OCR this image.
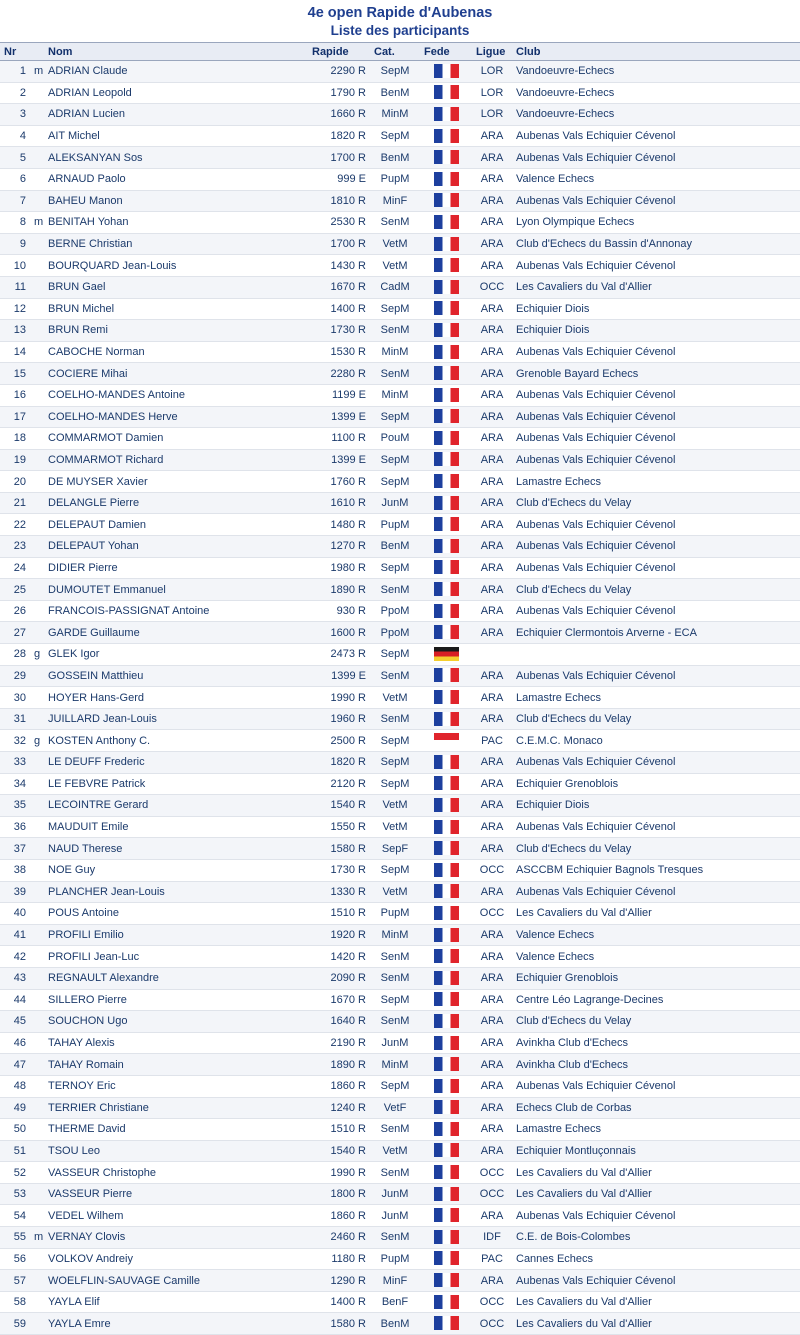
4e open Rapide d'Aubenas
Liste des participants
Nr		Nom	Rapide	Cat.	Fede	Ligue	Club
1	m	ADRIAN Claude	2290 R	SepM		LOR	Vandoeuvre-Echecs
2		ADRIAN Leopold	1790 R	BenM		LOR	Vandoeuvre-Echecs
3		ADRIAN Lucien	1660 R	MinM		LOR	Vandoeuvre-Echecs
4		AIT Michel	1820 R	SepM		ARA	Aubenas Vals Echiquier Cévenol
5		ALEKSANYAN Sos	1700 R	BenM		ARA	Aubenas Vals Echiquier Cévenol
6		ARNAUD Paolo	999 E	PupM		ARA	Valence Echecs
7		BAHEU Manon	1810 R	MinF		ARA	Aubenas Vals Echiquier Cévenol
8	m	BENITAH Yohan	2530 R	SenM		ARA	Lyon Olympique Echecs
9		BERNE Christian	1700 R	VetM		ARA	Club d'Echecs du Bassin d'Annonay
10		BOURQUARD Jean-Louis	1430 R	VetM		ARA	Aubenas Vals Echiquier Cévenol
11		BRUN Gael	1670 R	CadM		OCC	Les Cavaliers du Val d'Allier
12		BRUN Michel	1400 R	SepM		ARA	Echiquier Diois
13		BRUN Remi	1730 R	SenM		ARA	Echiquier Diois
14		CABOCHE Norman	1530 R	MinM		ARA	Aubenas Vals Echiquier Cévenol
15		COCIERE Mihai	2280 R	SenM		ARA	Grenoble Bayard Echecs
16		COELHO-MANDES Antoine	1199 E	MinM		ARA	Aubenas Vals Echiquier Cévenol
17		COELHO-MANDES Herve	1399 E	SepM		ARA	Aubenas Vals Echiquier Cévenol
18		COMMARMOT Damien	1100 R	PouM		ARA	Aubenas Vals Echiquier Cévenol
19		COMMARMOT Richard	1399 E	SepM		ARA	Aubenas Vals Echiquier Cévenol
20		DE MUYSER Xavier	1760 R	SepM		ARA	Lamastre Echecs
21		DELANGLE Pierre	1610 R	JunM		ARA	Club d'Echecs du Velay
22		DELEPAUT Damien	1480 R	PupM		ARA	Aubenas Vals Echiquier Cévenol
23		DELEPAUT Yohan	1270 R	BenM		ARA	Aubenas Vals Echiquier Cévenol
24		DIDIER Pierre	1980 R	SepM		ARA	Aubenas Vals Echiquier Cévenol
25		DUMOUTET Emmanuel	1890 R	SenM		ARA	Club d'Echecs du Velay
26		FRANCOIS-PASSIGNAT Antoine	930 R	PpoM		ARA	Aubenas Vals Echiquier Cévenol
27		GARDE Guillaume	1600 R	PpoM		ARA	Echiquier Clermontois Arverne - ECA
28	g	GLEK Igor	2473 R	SepM			
29		GOSSEIN Matthieu	1399 E	SenM		ARA	Aubenas Vals Echiquier Cévenol
30		HOYER Hans-Gerd	1990 R	VetM		ARA	Lamastre Echecs
31		JUILLARD Jean-Louis	1960 R	SenM		ARA	Club d'Echecs du Velay
32	g	KOSTEN Anthony C.	2500 R	SepM		PAC	C.E.M.C. Monaco
33		LE DEUFF Frederic	1820 R	SepM		ARA	Aubenas Vals Echiquier Cévenol
34		LE FEBVRE Patrick	2120 R	SepM		ARA	Echiquier Grenoblois
35		LECOINTRE Gerard	1540 R	VetM		ARA	Echiquier Diois
36		MAUDUIT Emile	1550 R	VetM		ARA	Aubenas Vals Echiquier Cévenol
37		NAUD Therese	1580 R	SepF		ARA	Club d'Echecs du Velay
38		NOE Guy	1730 R	SepM		OCC	ASCCBM Echiquier Bagnols Tresques
39		PLANCHER Jean-Louis	1330 R	VetM		ARA	Aubenas Vals Echiquier Cévenol
40		POUS Antoine	1510 R	PupM		OCC	Les Cavaliers du Val d'Allier
41		PROFILI Emilio	1920 R	MinM		ARA	Valence Echecs
42		PROFILI Jean-Luc	1420 R	SenM		ARA	Valence Echecs
43		REGNAULT Alexandre	2090 R	SenM		ARA	Echiquier Grenoblois
44		SILLERO Pierre	1670 R	SepM		ARA	Centre Léo Lagrange-Decines
45		SOUCHON Ugo	1640 R	SenM		ARA	Club d'Echecs du Velay
46		TAHAY Alexis	2190 R	JunM		ARA	Avinkha Club d'Echecs
47		TAHAY Romain	1890 R	MinM		ARA	Avinkha Club d'Echecs
48		TERNOY Eric	1860 R	SepM		ARA	Aubenas Vals Echiquier Cévenol
49		TERRIER Christiane	1240 R	VetF		ARA	Echecs Club de Corbas
50		THERME David	1510 R	SenM		ARA	Lamastre Echecs
51		TSOU Leo	1540 R	VetM		ARA	Echiquier Montluçonnais
52		VASSEUR Christophe	1990 R	SenM		OCC	Les Cavaliers du Val d'Allier
53		VASSEUR Pierre	1800 R	JunM		OCC	Les Cavaliers du Val d'Allier
54		VEDEL Wilhem	1860 R	JunM		ARA	Aubenas Vals Echiquier Cévenol
55	m	VERNAY Clovis	2460 R	SenM		IDF	C.E. de Bois-Colombes
56		VOLKOV Andreiy	1180 R	PupM		PAC	Cannes Echecs
57		WOELFLIN-SAUVAGE Camille	1290 R	MinF		ARA	Aubenas Vals Echiquier Cévenol
58		YAYLA Elif	1400 R	BenF		OCC	Les Cavaliers du Val d'Allier
59		YAYLA Emre	1580 R	BenM		OCC	Les Cavaliers du Val d'Allier
